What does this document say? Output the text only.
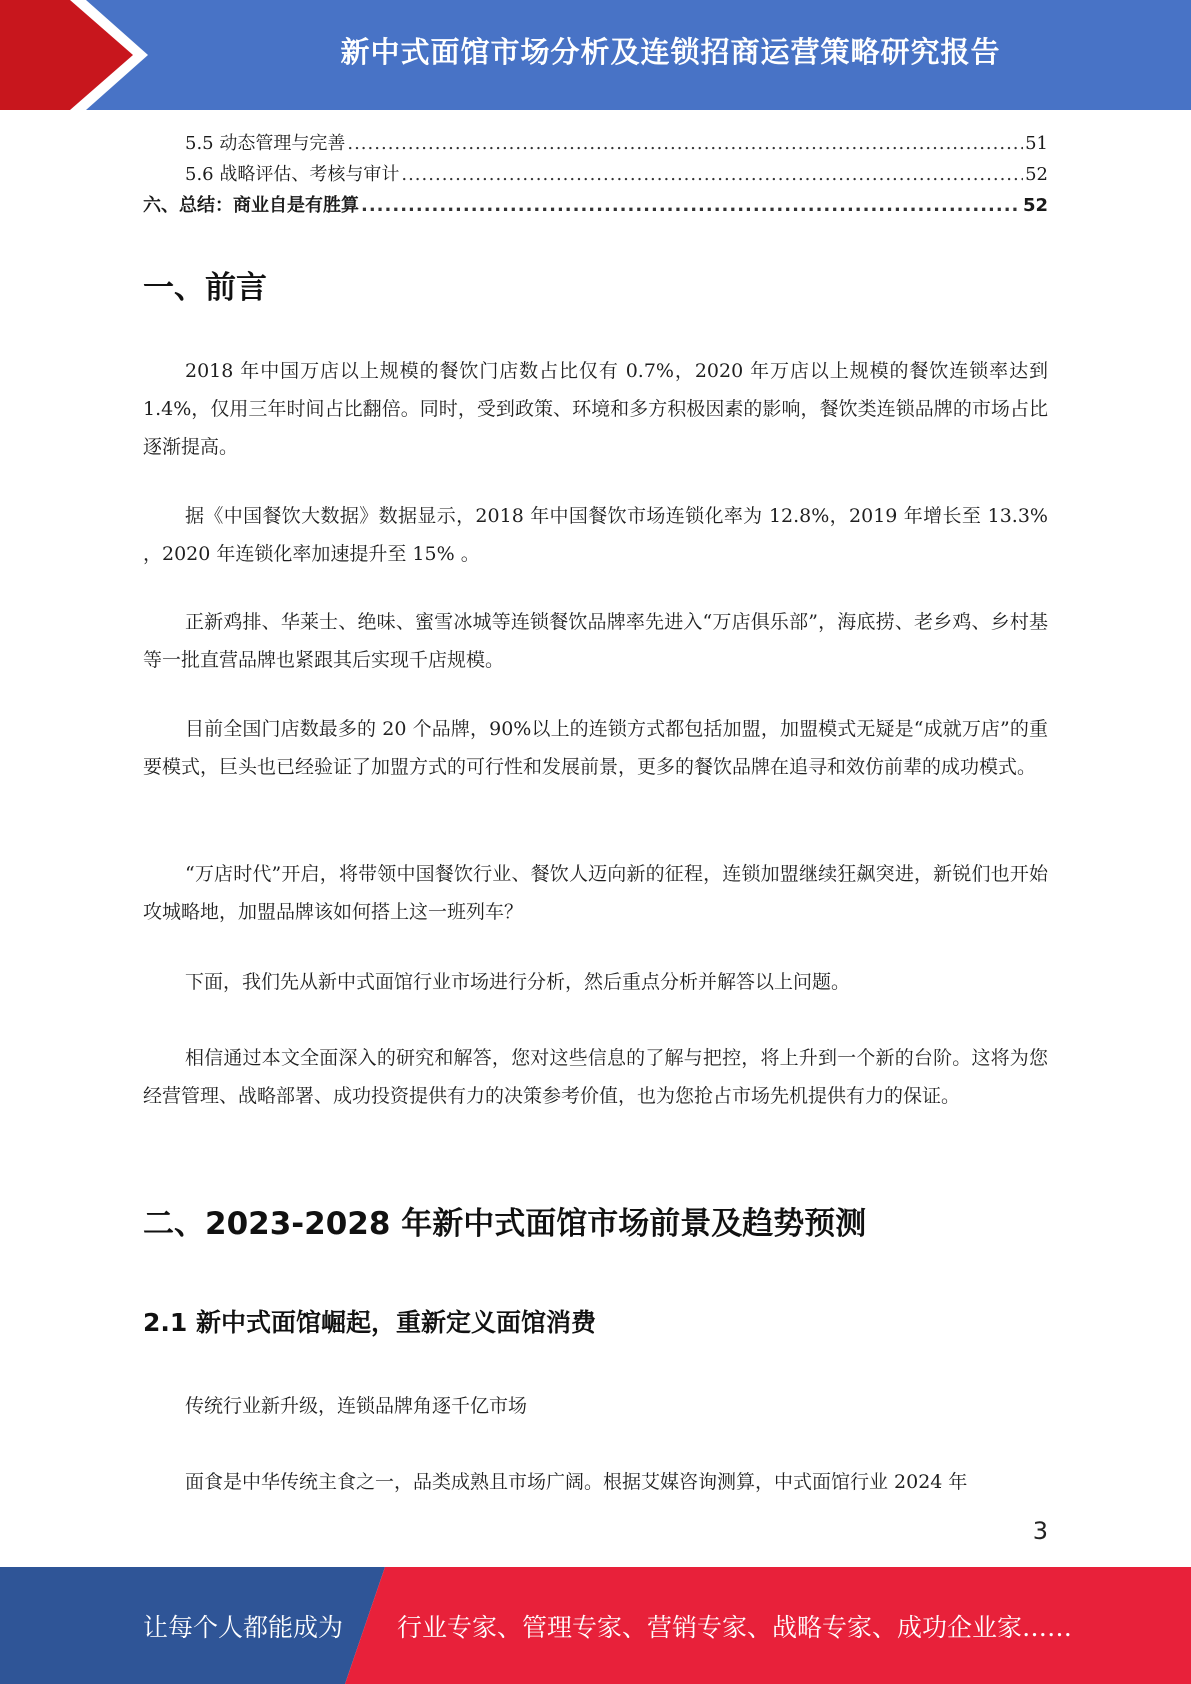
新中式面馆市场分析及连锁招商运营策略研究报告
5.5 动态管理与完善 .....	51
5.6 战略评估、考核与审计 .....	52
六、总结：商业自是有胜算 .....	52
一、前言

2018 年中国万店以上规模的餐饮门店数占比仅有 0.7%，2020 年万店以上规模的餐饮连锁率达到 1.4%，仅用三年时间占比翻倍。同时，受到政策、环境和多方积极因素的影响，餐饮类连锁品牌的市场占比逐渐提高。

据《中国餐饮大数据》数据显示，2018 年中国餐饮市场连锁化率为 12.8%，2019 年增长至 13.3% ，2020 年连锁化率加速提升至 15% 。

正新鸡排、华莱士、绝味、蜜雪冰城等连锁餐饮品牌率先进入“万店俱乐部”，海底捞、老乡鸡、乡村基等一批直营品牌也紧跟其后实现千店规模。

目前全国门店数最多的 20 个品牌，90%以上的连锁方式都包括加盟，加盟模式无疑是“成就万店”的重要模式，巨头也已经验证了加盟方式的可行性和发展前景，更多的餐饮品牌在追寻和效仿前辈的成功模式。

“万店时代”开启，将带领中国餐饮行业、餐饮人迈向新的征程，连锁加盟继续狂飙突进，新锐们也开始攻城略地，加盟品牌该如何搭上这一班列车？

下面，我们先从新中式面馆行业市场进行分析，然后重点分析并解答以上问题。

相信通过本文全面深入的研究和解答，您对这些信息的了解与把控，将上升到一个新的台阶。这将为您经营管理、战略部署、成功投资提供有力的决策参考价值，也为您抢占市场先机提供有力的保证。

二、2023-2028 年新中式面馆市场前景及趋势预测
2.1 新中式面馆崛起，重新定义面馆消费

传统行业新升级，连锁品牌角逐千亿市场

面食是中华传统主食之一，品类成熟且市场广阔。根据艾媒咨询测算，中式面馆行业 2024 年

3
让每个人都能成为 行业专家、管理专家、营销专家、战略专家、成功企业家……
